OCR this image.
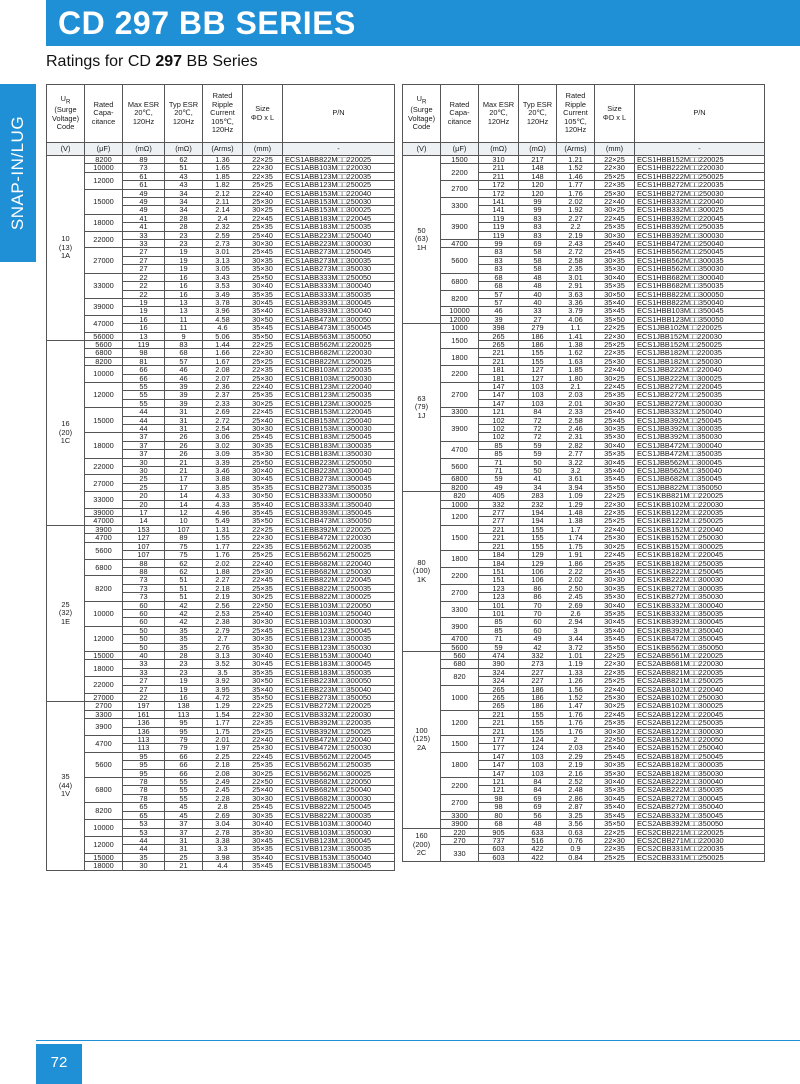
CD 297 BB SERIES
SNAP-IN/LUG
Ratings for CD 297 BB Series
$U_R$
(Surge
Voltage)
Code	Rated
Capa-
citance	Max ESR
20℃,
120Hz	Typ ESR
20℃,
120Hz	Rated
Ripple
Current
105℃,
120Hz	Size
ΦD x L	P/N
(V)	(μF)	(mΩ)	(mΩ)	(Arms)	(mm)	-
10
(13)
1A	8200	89	62	1.36	22×25	ECS1ABB822M□□220025
	10000	73	51	1.65	22×30	ECS1ABB103M□□220030
	12000	61	43	1.85	22×35	ECS1ABB123M□□220035
		61	43	1.82	25×25	ECS1ABB123M□□250025
	15000	49	34	2.12	22×40	ECS1ABB153M□□220040
		49	34	2.11	25×30	ECS1ABB153M□□250030
		49	34	2.14	30×25	ECS1ABB153M□□300025
	18000	41	28	2.4	22×45	ECS1ABB183M□□220045
		41	28	2.32	25×35	ECS1ABB183M□□250035
	22000	33	23	2.59	25×40	ECS1ABB223M□□250040
		33	23	2.73	30×30	ECS1ABB223M□□300030
	27000	27	19	3.01	25×45	ECS1ABB273M□□250045
		27	19	3.13	30×35	ECS1ABB273M□□300035
		27	19	3.05	35×30	ECS1ABB273M□□350030
	33000	22	16	3.43	25×50	ECS1ABB333M□□250050
		22	16	3.53	30×40	ECS1ABB333M□□300040
		22	16	3.49	35×35	ECS1ABB333M□□350035
	39000	19	13	3.78	30×45	ECS1ABB393M□□300045
		19	13	3.96	35×40	ECS1ABB393M□□350040
	47000	16	11	4.58	30×50	ECS1ABB473M□□300050
		16	11	4.6	35×45	ECS1ABB473M□□350045
	56000	13	9	5.06	35×50	ECS1ABB563M□□350050
16
(20)
1C	5600	119	83	1.44	22×25	ECS1CBB562M□□220025
	6800	98	68	1.66	22×30	ECS1CBB682M□□220030
	8200	81	57	1.67	25×25	ECS1CBB822M□□250025
	10000	66	46	2.08	22×35	ECS1CBB103M□□220035
		66	46	2.07	25×30	ECS1CBB103M□□250030
	12000	55	39	2.36	22×40	ECS1CBB123M□□220040
		55	39	2.37	25×35	ECS1CBB123M□□250035
		55	39	2.33	30×25	ECS1CBB123M□□300025
	15000	44	31	2.69	22×45	ECS1CBB153M□□220045
		44	31	2.72	25×40	ECS1CBB153M□□250040
		44	31	2.54	30×30	ECS1CBB153M□□300030
	18000	37	26	3.06	25×45	ECS1CBB183M□□250045
		37	26	3.02	30×35	ECS1CBB183M□□300035
		37	26	3.09	35×30	ECS1CBB183M□□350030
	22000	30	21	3.39	25×50	ECS1CBB223M□□250050
		30	21	3.46	30×40	ECS1CBB223M□□300040
	27000	25	17	3.88	30×45	ECS1CBB273M□□300045
		25	17	3.85	35×35	ECS1CBB273M□□350035
	33000	20	14	4.33	30×50	ECS1CBB333M□□300050
		20	14	4.33	35×40	ECS1CBB333M□□350040
	39000	17	12	4.96	35×45	ECS1CBB393M□□350045
	47000	14	10	5.49	35×50	ECS1CBB473M□□350050
25
(32)
1E	3900	153	107	1.31	22×25	ECS1EBB392M□□220025
	4700	127	89	1.55	22×30	ECS1EBB472M□□220030
	5600	107	75	1.77	22×35	ECS1EBB562M□□220035
		107	75	1.76	25×25	ECS1EBB562M□□250025
	6800	88	62	2.02	22×40	ECS1EBB682M□□220040
		88	62	1.88	25×30	ECS1EBB682M□□250030
	8200	73	51	2.27	22×45	ECS1EBB822M□□220045
		73	51	2.18	25×35	ECS1EBB822M□□250035
		73	51	2.19	30×25	ECS1EBB822M□□300025
	10000	60	42	2.56	22×50	ECS1EBB103M□□220050
		60	42	2.53	25×40	ECS1EBB103M□□250040
		60	42	2.38	30×30	ECS1EBB103M□□300030
	12000	50	35	2.79	25×45	ECS1EBB123M□□250045
		50	35	2.7	30×35	ECS1EBB123M□□300035
		50	35	2.76	35×30	ECS1EBB123M□□350030
	15000	40	28	3.13	30×40	ECS1EBB153M□□300040
	18000	33	23	3.52	30×45	ECS1EBB183M□□300045
		33	23	3.5	35×35	ECS1EBB183M□□350035
	22000	27	19	3.92	30×50	ECS1EBB223M□□300050
		27	19	3.95	35×40	ECS1EBB223M□□350040
	27000	22	16	4.72	35×50	ECS1EBB273M□□350050
35
(44)
1V	2700	197	138	1.29	22×25	ECS1VBB272M□□220025
	3300	161	113	1.54	22×30	ECS1VBB332M□□220030
	3900	136	95	1.77	22×35	ECS1VBB392M□□220035
		136	95	1.75	25×25	ECS1VBB392M□□250025
	4700	113	79	2.01	22×40	ECS1VBB472M□□220040
		113	79	1.97	25×30	ECS1VBB472M□□250030
	5600	95	66	2.25	22×45	ECS1VBB562M□□220045
		95	66	2.18	25×35	ECS1VBB562M□□250035
		95	66	2.08	30×25	ECS1VBB562M□□300025
	6800	78	55	2.49	22×50	ECS1VBB682M□□220050
		78	55	2.45	25×40	ECS1VBB682M□□250040
		78	55	2.28	30×30	ECS1VBB682M□□300030
	8200	65	45	2.8	25×45	ECS1VBB822M□□250045
		65	45	2.69	30×35	ECS1VBB822M□□300035
	10000	53	37	3.04	30×40	ECS1VBB103M□□300040
		53	37	2.78	35×30	ECS1VBB103M□□350030
	12000	44	31	3.38	30×45	ECS1VBB123M□□300045
		44	31	3.3	35×35	ECS1VBB123M□□350035
	15000	35	25	3.98	35×40	ECS1VBB153M□□350040
	18000	30	21	4.4	35×45	ECS1VBB183M□□350045
$U_R$
(Surge
Voltage)
Code	Rated
Capa-
citance	Max ESR
20℃,
120Hz	Typ ESR
20℃,
120Hz	Rated
Ripple
Current
105℃,
120Hz	Size
ΦD x L	P/N
(V)	(μF)	(mΩ)	(mΩ)	(Arms)	(mm)	-
50
(63)
1H	1500	310	217	1.21	22×25	ECS1HBB152M□□220025
	2200	211	148	1.52	22×30	ECS1HBB222M□□220030
		211	148	1.46	25×25	ECS1HBB222M□□250025
	2700	172	120	1.77	22×35	ECS1HBB272M□□220035
		172	120	1.76	25×30	ECS1HBB272M□□250030
	3300	141	99	2.02	22×40	ECS1HBB332M□□220040
		141	99	1.92	30×25	ECS1HBB332M□□300025
	3900	119	83	2.27	22×45	ECS1HBB392M□□220045
		119	83	2.2	25×35	ECS1HBB392M□□250035
		119	83	2.19	30×30	ECS1HBB392M□□300030
	4700	99	69	2.43	25×40	ECS1HBB472M□□250040
	5600	83	58	2.72	25×45	ECS1HBB562M□□250045
		83	58	2.58	30×35	ECS1HBB562M□□300035
		83	58	2.35	35×30	ECS1HBB562M□□350030
	6800	68	48	3.01	30×40	ECS1HBB682M□□300040
		68	48	2.91	35×35	ECS1HBB682M□□350035
	8200	57	40	3.63	30×50	ECS1HBB822M□□300050
		57	40	3.36	35×40	ECS1HBB822M□□350040
	10000	46	33	3.79	35×45	ECS1HBB103M□□350045
	12000	39	27	4.06	35×50	ECS1HBB123M□□350050
63
(79)
1J	1000	398	279	1.1	22×25	ECS1JBB102M□□220025
	1500	265	186	1.41	22×30	ECS1JBB152M□□220030
		265	186	1.38	25×25	ECS1JBB152M□□250025
	1800	221	155	1.62	22×35	ECS1JBB182M□□220035
		221	155	1.63	25×30	ECS1JBB182M□□250030
	2200	181	127	1.85	22×40	ECS1JBB222M□□220040
		181	127	1.80	30×25	ECS1JBB222M□□300025
	2700	147	103	2.1	22×45	ECS1JBB272M□□220045
		147	103	2.03	25×35	ECS1JBB272M□□250035
		147	103	2.01	30×30	ECS1JBB272M□□300030
	3300	121	84	2.33	25×40	ECS1JBB332M□□250040
	3900	102	72	2.58	25×45	ECS1JBB392M□□250045
		102	72	2.46	30×35	ECS1JBB392M□□300035
		102	72	2.31	35×30	ECS1JBB392M□□350030
	4700	85	59	2.82	30×40	ECS1JBB472M□□300040
		85	59	2.77	35×35	ECS1JBB472M□□350035
	5600	71	50	3.22	30×45	ECS1JBB562M□□300045
		71	50	3.2	35×40	ECS1JBB562M□□350040
	6800	59	41	3.61	35×45	ECS1JBB682M□□350045
	8200	49	34	3.94	35×50	ECS1JBB822M□□350050
80
(100)
1K	820	405	283	1.09	22×25	ECS1KBB821M□□220025
	1000	332	232	1.29	22×30	ECS1KBB102M□□220030
	1200	277	194	1.48	22×35	ECS1KBB122M□□220035
		277	194	1.38	25×25	ECS1KBB122M□□250025
	1500	221	155	1.7	22×40	ECS1KBB152M□□220040
		221	155	1.74	25×30	ECS1KBB152M□□250030
		221	155	1.75	30×25	ECS1KBB152M□□300025
	1800	184	129	1.91	22×45	ECS1KBB182M□□220045
		184	129	1.86	25×35	ECS1KBB182M□□250035
	2200	151	106	2.22	25×45	ECS1KBB222M□□250045
		151	106	2.02	30×30	ECS1KBB222M□□300030
	2700	123	86	2.50	30×35	ECS1KBB272M□□300035
		123	86	2.45	35×30	ECS1KBB272M□□350030
	3300	101	70	2.69	30×40	ECS1KBB332M□□300040
		101	70	2.6	35×35	ECS1KBB332M□□350035
	3900	85	60	2.94	30×45	ECS1KBB392M□□300045
		85	60	3	35×40	ECS1KBB392M□□350040
	4700	71	49	3.44	35×45	ECS1KBB472M□□350045
	5600	59	42	3.72	35×50	ECS1KBB562M□□350050
100
(125)
2A	560	474	332	1.01	22×25	ECS2ABB561M□□220025
	680	390	273	1.19	22×30	ECS2ABB681M□□220030
	820	324	227	1.33	22×35	ECS2ABB821M□□220035
		324	227	1.26	25×25	ECS2ABB821M□□250025
	1000	265	186	1.56	22×40	ECS2ABB102M□□220040
		265	186	1.52	25×30	ECS2ABB102M□□250030
		265	186	1.47	30×25	ECS2ABB102M□□300025
	1200	221	155	1.76	22×45	ECS2ABB122M□□220045
		221	155	1.76	25×35	ECS2ABB122M□□250035
		221	155	1.76	30×30	ECS2ABB122M□□300030
	1500	177	124	2	22×50	ECS2ABB152M□□220050
		177	124	2.03	25×40	ECS2ABB152M□□250040
	1800	147	103	2.29	25×45	ECS2ABB182M□□250045
		147	103	2.19	30×35	ECS2ABB182M□□300035
		147	103	2.16	35×30	ECS2ABB182M□□350030
	2200	121	84	2.52	30×40	ECS2ABB222M□□300040
		121	84	2.48	35×35	ECS2ABB222M□□350035
	2700	98	69	2.86	30×45	ECS2ABB272M□□300045
		98	69	2.87	35×40	ECS2ABB272M□□350040
	3300	80	56	3.25	35×45	ECS2ABB332M□□350045
	3900	68	48	3.56	35×50	ECS2ABB392M□□350050
160
(200)
2C	220	905	633	0.63	22×25	ECS2CBB221M□□220025
	270	737	516	0.76	22×30	ECS2CBB271M□□220030
	330	603	422	0.9	22×35	ECS2CBB331M□□220035
		603	422	0.84	25×25	ECS2CBB331M□□250025
72
